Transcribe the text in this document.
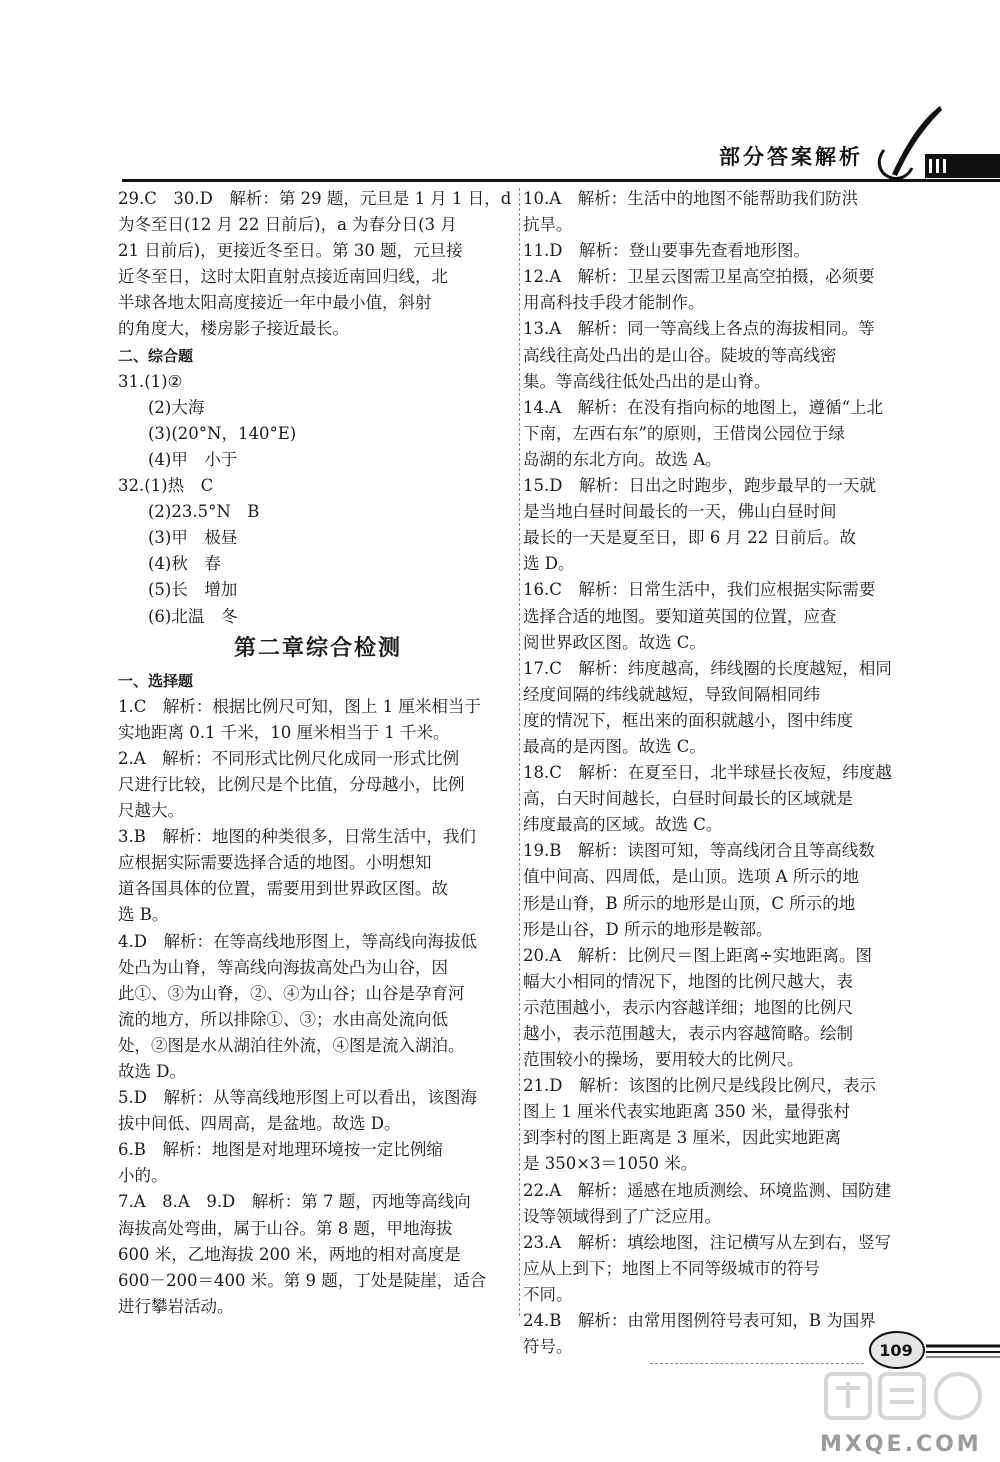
部分答案解析
29.C　30.D　解析：第 29 题，元旦是 1 月 1 日，d
为冬至日(12 月 22 日前后)，a 为春分日(3 月
21 日前后)，更接近冬至日。第 30 题，元旦接
近冬至日，这时太阳直射点接近南回归线，北
半球各地太阳高度接近一年中最小值，斜射
的角度大，楼房影子接近最长。
二、综合题
31.(1)②
(2)大海
(3)(20°N，140°E)
(4)甲　小于
32.(1)热　C
(2)23.5°N　B
(3)甲　极昼
(4)秋　春
(5)长　增加
(6)北温　冬
第二章综合检测
一、选择题
1.C　解析：根据比例尺可知，图上 1 厘米相当于
实地距离 0.1 千米，10 厘米相当于 1 千米。
2.A　解析：不同形式比例尺化成同一形式比例
尺进行比较，比例尺是个比值，分母越小，比例
尺越大。
3.B　解析：地图的种类很多，日常生活中，我们
应根据实际需要选择合适的地图。小明想知
道各国具体的位置，需要用到世界政区图。故
选 B。
4.D　解析：在等高线地形图上，等高线向海拔低
处凸为山脊，等高线向海拔高处凸为山谷，因
此①、③为山脊，②、④为山谷；山谷是孕育河
流的地方，所以排除①、③；水由高处流向低
处，②图是水从湖泊往外流，④图是流入湖泊。
故选 D。
5.D　解析：从等高线地形图上可以看出，该图海
拔中间低、四周高，是盆地。故选 D。
6.B　解析：地图是对地理环境按一定比例缩
小的。
7.A　8.A　9.D　解析：第 7 题，丙地等高线向
海拔高处弯曲，属于山谷。第 8 题，甲地海拔
600 米，乙地海拔 200 米，两地的相对高度是
600－200＝400 米。第 9 题，丁处是陡崖，适合
进行攀岩活动。
10.A　解析：生活中的地图不能帮助我们防洪
抗旱。
11.D　解析：登山要事先查看地形图。
12.A　解析：卫星云图需卫星高空拍摄，必须要
用高科技手段才能制作。
13.A　解析：同一等高线上各点的海拔相同。等
高线往高处凸出的是山谷。陡坡的等高线密
集。等高线往低处凸出的是山脊。
14.A　解析：在没有指向标的地图上，遵循“上北
下南，左西右东”的原则，王借岗公园位于绿
岛湖的东北方向。故选 A。
15.D　解析：日出之时跑步，跑步最早的一天就
是当地白昼时间最长的一天，佛山白昼时间
最长的一天是夏至日，即 6 月 22 日前后。故
选 D。
16.C　解析：日常生活中，我们应根据实际需要
选择合适的地图。要知道英国的位置，应查
阅世界政区图。故选 C。
17.C　解析：纬度越高，纬线圈的长度越短，相同
经度间隔的纬线就越短，导致间隔相同纬
度的情况下，框出来的面积就越小，图中纬度
最高的是丙图。故选 C。
18.C　解析：在夏至日，北半球昼长夜短，纬度越
高，白天时间越长，白昼时间最长的区域就是
纬度最高的区域。故选 C。
19.B　解析：读图可知，等高线闭合且等高线数
值中间高、四周低，是山顶。选项 A 所示的地
形是山脊，B 所示的地形是山顶，C 所示的地
形是山谷，D 所示的地形是鞍部。
20.A　解析：比例尺＝图上距离÷实地距离。图
幅大小相同的情况下，地图的比例尺越大，表
示范围越小，表示内容越详细；地图的比例尺
越小，表示范围越大，表示内容越简略。绘制
范围较小的操场，要用较大的比例尺。
21.D　解析：该图的比例尺是线段比例尺，表示
图上 1 厘米代表实地距离 350 米，量得张村
到李村的图上距离是 3 厘米，因此实地距离
是 350×3＝1050 米。
22.A　解析：遥感在地质测绘、环境监测、国防建
设等领域得到了广泛应用。
23.A　解析：填绘地图，注记横写从左到右，竖写
应从上到下；地图上不同等级城市的符号
不同。
24.B　解析：由常用图例符号表可知，B 为国界
符号。	109
MXQE.COM
